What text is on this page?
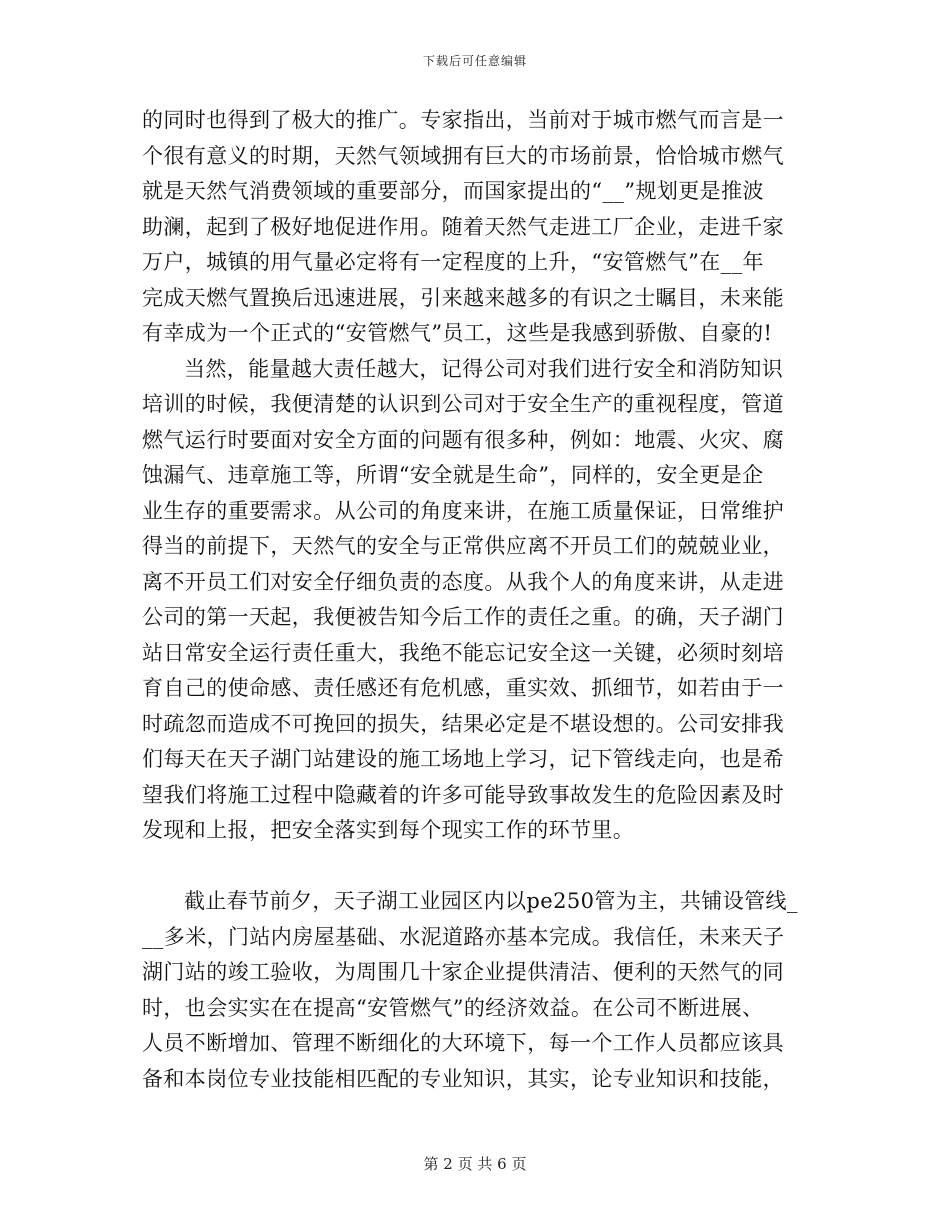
下载后可任意编辑
的同时也得到了极大的推广。专家指出，当前对于城市燃气而言是一
个很有意义的时期，天然气领域拥有巨大的市场前景，恰恰城市燃气
就是天然气消费领域的重要部分，而国家提出的“__”规划更是推波
助澜，起到了极好地促进作用。随着天然气走进工厂企业，走进千家
万户，城镇的用气量必定将有一定程度的上升，“安管燃气”在__年
完成天燃气置换后迅速进展，引来越来越多的有识之士瞩目，未来能
有幸成为一个正式的“安管燃气”员工，这些是我感到骄傲、自豪的!
当然，能量越大责任越大，记得公司对我们进行安全和消防知识
培训的时候，我便清楚的认识到公司对于安全生产的重视程度，管道
燃气运行时要面对安全方面的问题有很多种，例如：地震、火灾、腐
蚀漏气、违章施工等，所谓“安全就是生命”，同样的，安全更是企
业生存的重要需求。从公司的角度来讲，在施工质量保证，日常维护
得当的前提下，天然气的安全与正常供应离不开员工们的兢兢业业，
离不开员工们对安全仔细负责的态度。从我个人的角度来讲，从走进
公司的第一天起，我便被告知今后工作的责任之重。的确，天子湖门
站日常安全运行责任重大，我绝不能忘记安全这一关键，必须时刻培
育自己的使命感、责任感还有危机感，重实效、抓细节，如若由于一
时疏忽而造成不可挽回的损失，结果必定是不堪设想的。公司安排我
们每天在天子湖门站建设的施工场地上学习，记下管线走向，也是希
望我们将施工过程中隐藏着的许多可能导致事故发生的危险因素及时
发现和上报，把安全落实到每个现实工作的环节里。
截止春节前夕，天子湖工业园区内以pe250管为主，共铺设管线_
__多米，门站内房屋基础、水泥道路亦基本完成。我信任，未来天子
湖门站的竣工验收，为周围几十家企业提供清洁、便利的天然气的同
时，也会实实在在提高“安管燃气”的经济效益。在公司不断进展、
人员不断增加、管理不断细化的大环境下，每一个工作人员都应该具
备和本岗位专业技能相匹配的专业知识，其实，论专业知识和技能，
第 2 页 共 6 页
